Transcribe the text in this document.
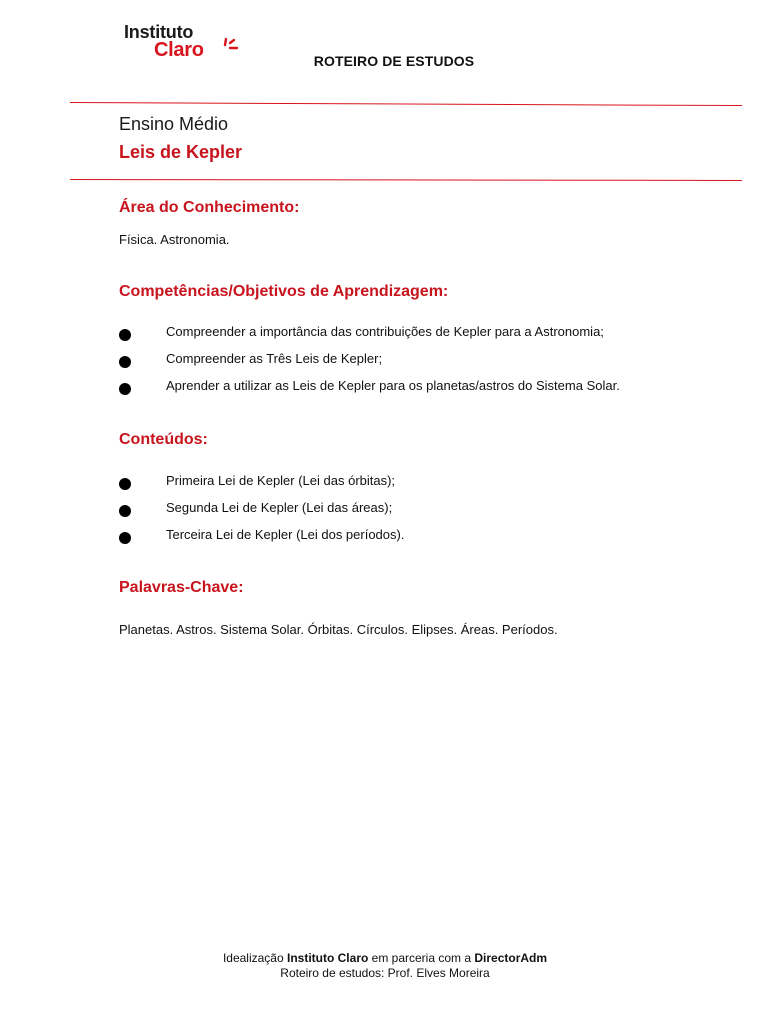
Instituto
Claro	ROTEIRO DE ESTUDOS
Ensino Médio
Leis de Kepler
Área do Conhecimento:
Física. Astronomia.
Competências/Objetivos de Aprendizagem:
Compreender a importância das contribuições de Kepler para a Astronomia;
Compreender as Três Leis de Kepler;
Aprender a utilizar as Leis de Kepler para os planetas/astros do Sistema Solar.
Conteúdos:
Primeira Lei de Kepler (Lei das órbitas);
Segunda Lei de Kepler (Lei das áreas);
Terceira Lei de Kepler (Lei dos períodos).
Palavras-Chave:
Planetas. Astros. Sistema Solar. Órbitas. Círculos. Elipses. Áreas. Períodos.
Idealização Instituto Claro em parceria com a DirectorAdm
Roteiro de estudos: Prof. Elves Moreira
